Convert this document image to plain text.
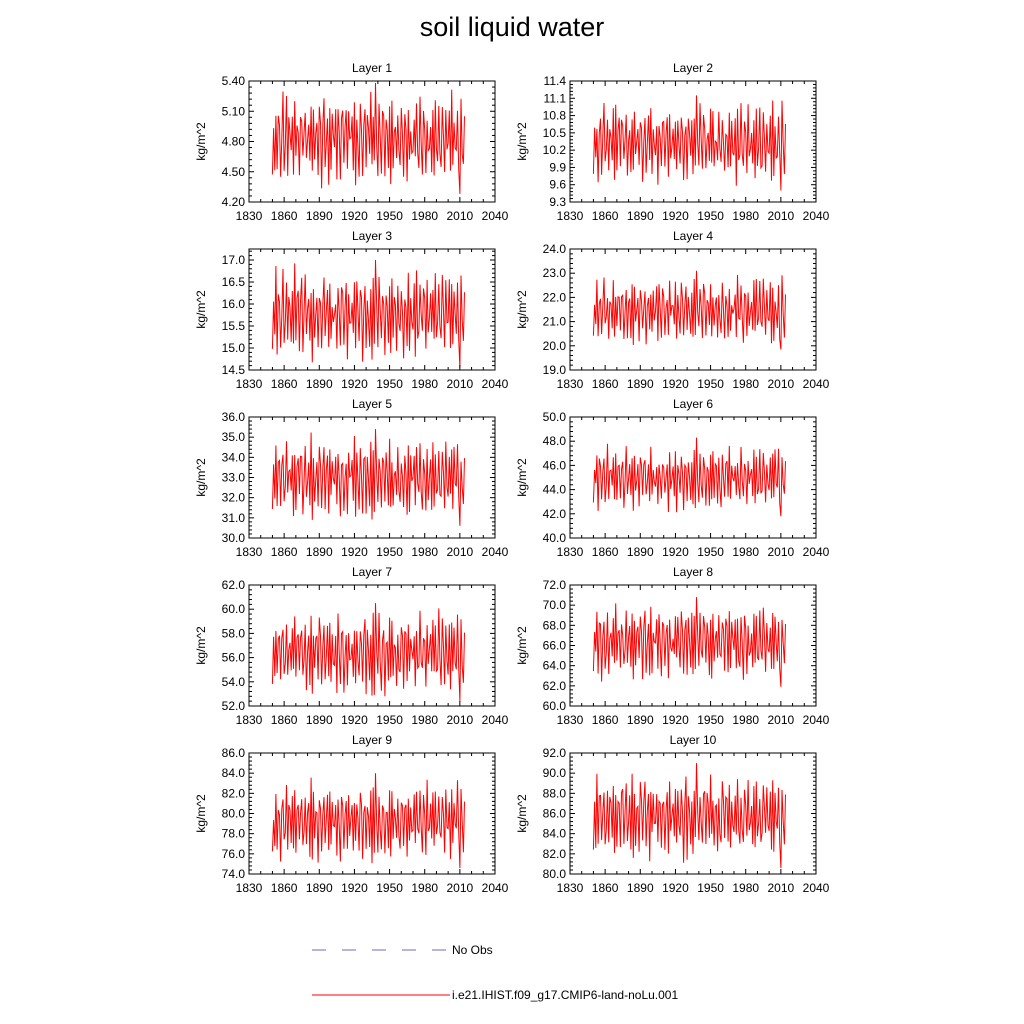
soil liquid water
1830 1860 1890 1920 1950 1980 2010 2040
4.20
4.50
4.80
5.10
5.40
Layer 1
kg/m^2
1830 1860 1890 1920 1950 1980 2010 2040
9.3
9.6
9.9
10.2
10.5
10.8
11.1
11.4
Layer 2
kg/m^2
1830 1860 1890 1920 1950 1980 2010 2040
14.5
15.0
15.5
16.0
16.5
17.0
Layer 3
kg/m^2
1830 1860 1890 1920 1950 1980 2010 2040
19.0
20.0
21.0
22.0
23.0
24.0
Layer 4
kg/m^2
1830 1860 1890 1920 1950 1980 2010 2040
30.0
31.0
32.0
33.0
34.0
35.0
36.0
Layer 5
kg/m^2
1830 1860 1890 1920 1950 1980 2010 2040
40.0
42.0
44.0
46.0
48.0
50.0
Layer 6
kg/m^2
1830 1860 1890 1920 1950 1980 2010 2040
52.0
54.0
56.0
58.0
60.0
62.0
Layer 7
kg/m^2
1830 1860 1890 1920 1950 1980 2010 2040
60.0
62.0
64.0
66.0
68.0
70.0
72.0
Layer 8
kg/m^2
1830 1860 1890 1920 1950 1980 2010 2040
74.0
76.0
78.0
80.0
82.0
84.0
86.0
Layer 9
kg/m^2
1830 1860 1890 1920 1950 1980 2010 2040
80.0
82.0
84.0
86.0
88.0
90.0
92.0
Layer 10
kg/m^2
No Obs
i.e21.IHIST.f09_g17.CMIP6-land-noLu.001
